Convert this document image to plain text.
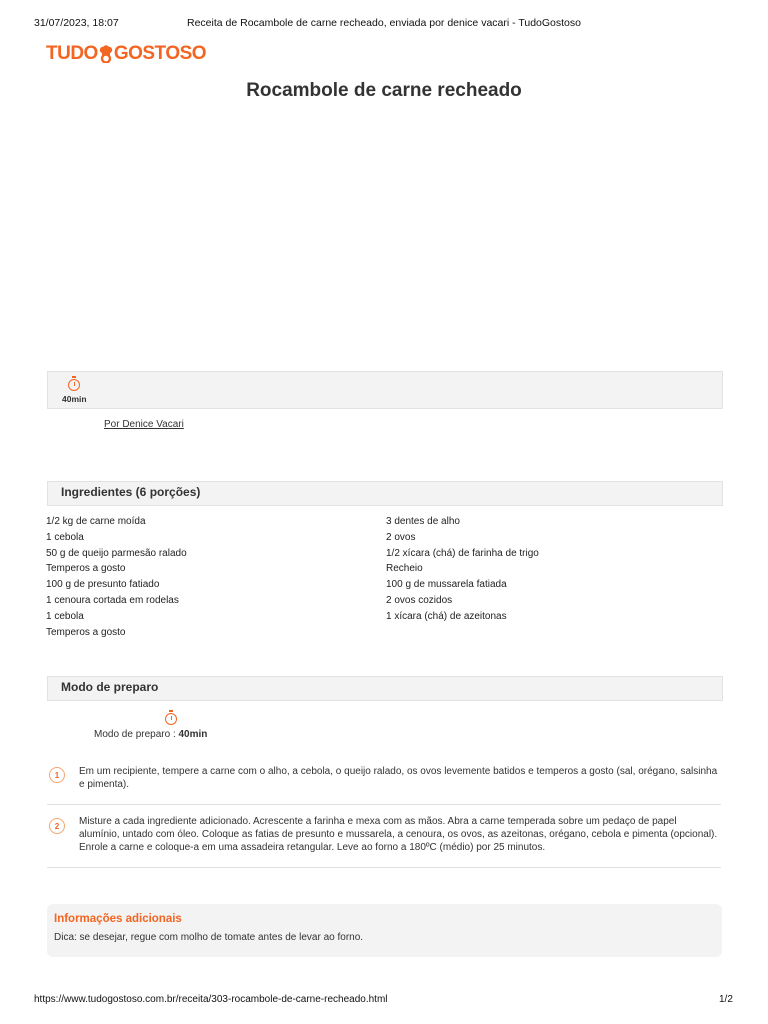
31/07/2023, 18:07	Receita de Rocambole de carne recheado, enviada por denice vacari - TudoGostoso
TUDO GOSTOSO
Rocambole de carne recheado

40min
Por Denice Vacari
Ingredientes (6 porções)
1/2 kg de carne moída
1 cebola
50 g de queijo parmesão ralado
Temperos a gosto
100 g de presunto fatiado
1 cenoura cortada em rodelas
1 cebola
Temperos a gosto
3 dentes de alho
2 ovos
1/2 xícara (chá) de farinha de trigo
Recheio
100 g de mussarela fatiada
2 ovos cozidos
1 xícara (chá) de azeitonas
Modo de preparo
Modo de preparo : 40min
1	Em um recipiente, tempere a carne com o alho, a cebola, o queijo ralado, os ovos levemente batidos e temperos a gosto (sal, orégano, salsinha e pimenta).
2	Misture a cada ingrediente adicionado. Acrescente a farinha e mexa com as mãos. Abra a carne temperada sobre um pedaço de papel alumínio, untado com óleo. Coloque as fatias de presunto e mussarela, a cenoura, os ovos, as azeitonas, orégano, cebola e pimenta (opcional). Enrole a carne e coloque-a em uma assadeira retangular. Leve ao forno a 180ºC (médio) por 25 minutos.
Informações adicionais
Dica: se desejar, regue com molho de tomate antes de levar ao forno.
https://www.tudogostoso.com.br/receita/303-rocambole-de-carne-recheado.html	1/2
